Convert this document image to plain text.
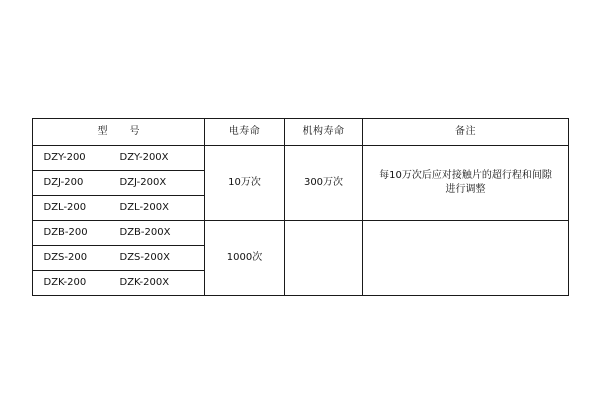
型　号	电寿命	机构寿命	备注

DZY-200 DZY-200X	10万次	300万次	每10万次后应对接触片的超行程和间隙
进行调整

DZJ-200 DZJ-200X			

DZL-200 DZL-200X			

DZB-200 DZB-200X	1000次		

DZS-200 DZS-200X			

DZK-200 DZK-200X			
